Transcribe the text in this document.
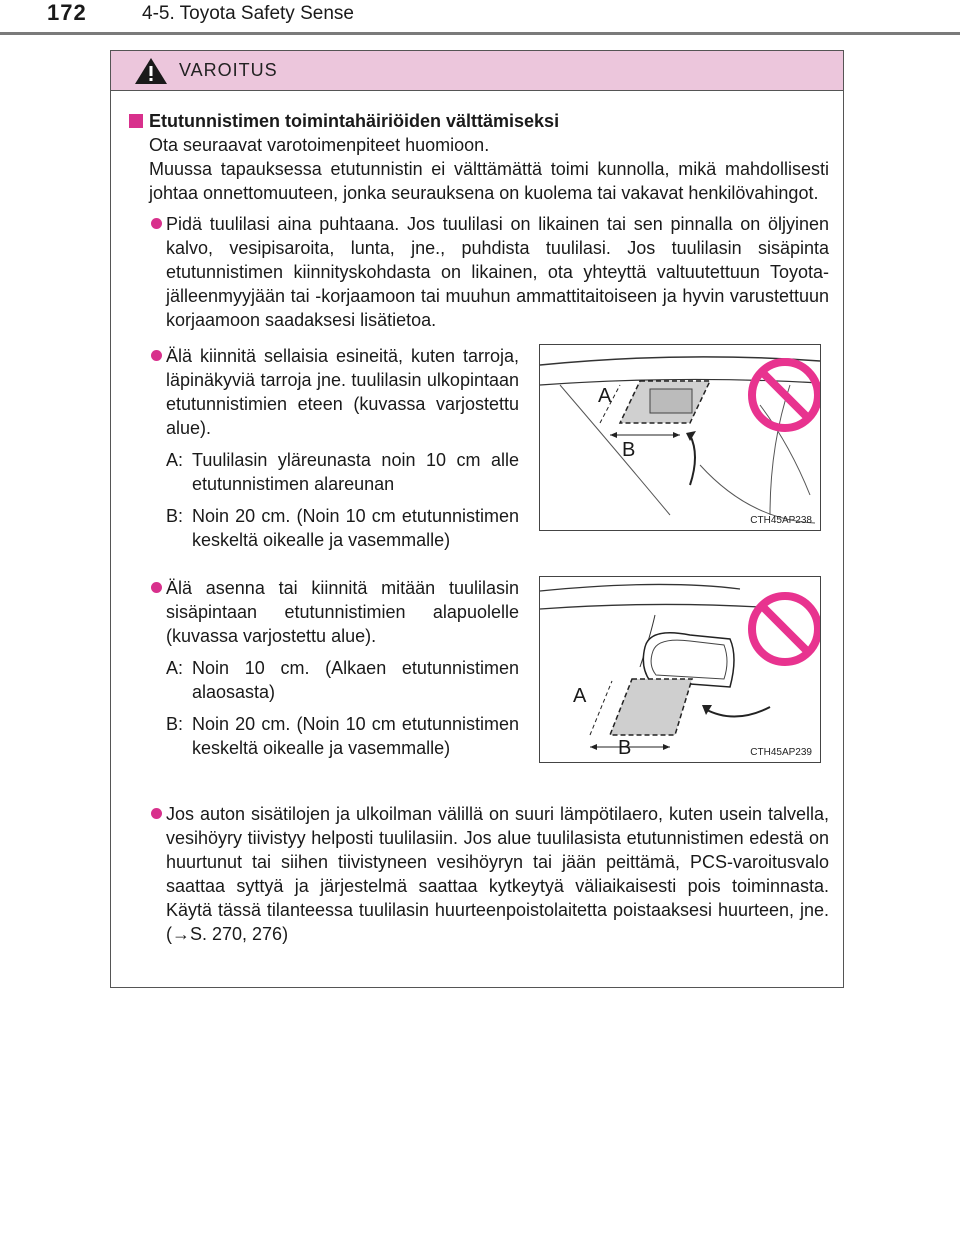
172	4-5. Toyota Safety Sense
VAROITUS
Etutunnistimen toimintahäiriöiden välttämiseksi
Ota seuraavat varotoimenpiteet huomioon.
Muussa tapauksessa etutunnistin ei välttämättä toimi kunnolla, mikä mahdollisesti johtaa onnettomuuteen, jonka seurauksena on kuolema tai vakavat henkilövahingot.
Pidä tuulilasi aina puhtaana. Jos tuulilasi on likainen tai sen pinnalla on öljyinen kalvo, vesipisaroita, lunta, jne., puhdista tuulilasi. Jos tuulilasin sisäpinta etutunnistimen kiinnityskohdasta on likainen, ota yhteyttä valtuutettuun Toyota-jälleenmyyjään tai -korjaamoon tai muuhun ammattitaitoiseen ja hyvin varustettuun korjaamoon saadaksesi lisätietoa.
Älä kiinnitä sellaisia esineitä, kuten tarroja, läpinäkyviä tarroja jne. tuulilasin ulkopintaan etutunnistimien eteen (kuvassa varjostettu alue).
A: Tuulilasin yläreunasta noin 10 cm alle etutunnistimen alareunan
B: Noin 20 cm. (Noin 10 cm etutunnistimen keskeltä oikealle ja vasemmalle)
A
B
CTH45AP238
Älä asenna tai kiinnitä mitään tuulilasin sisäpintaan etutunnistimien alapuolelle (kuvassa varjostettu alue).
A: Noin 10 cm. (Alkaen etutunnistimen alaosasta)
B: Noin 20 cm. (Noin 10 cm etutunnistimen keskeltä oikealle ja vasemmalle)
A
B	CTH45AP239
Jos auton sisätilojen ja ulkoilman välillä on suuri lämpötilaero, kuten usein talvella, vesihöyry tiivistyy helposti tuulilasiin. Jos alue tuulilasista etutunnistimen edestä on huurtunut tai siihen tiivistyneen vesihöyryn tai jään peittämä, PCS-varoitusvalo saattaa syttyä ja järjestelmä saattaa kytkeytyä väliaikaisesti pois toiminnasta. Käytä tässä tilanteessa tuulilasin huurteenpoistolaitetta poistaaksesi huurteen, jne. (→S. 270, 276)
